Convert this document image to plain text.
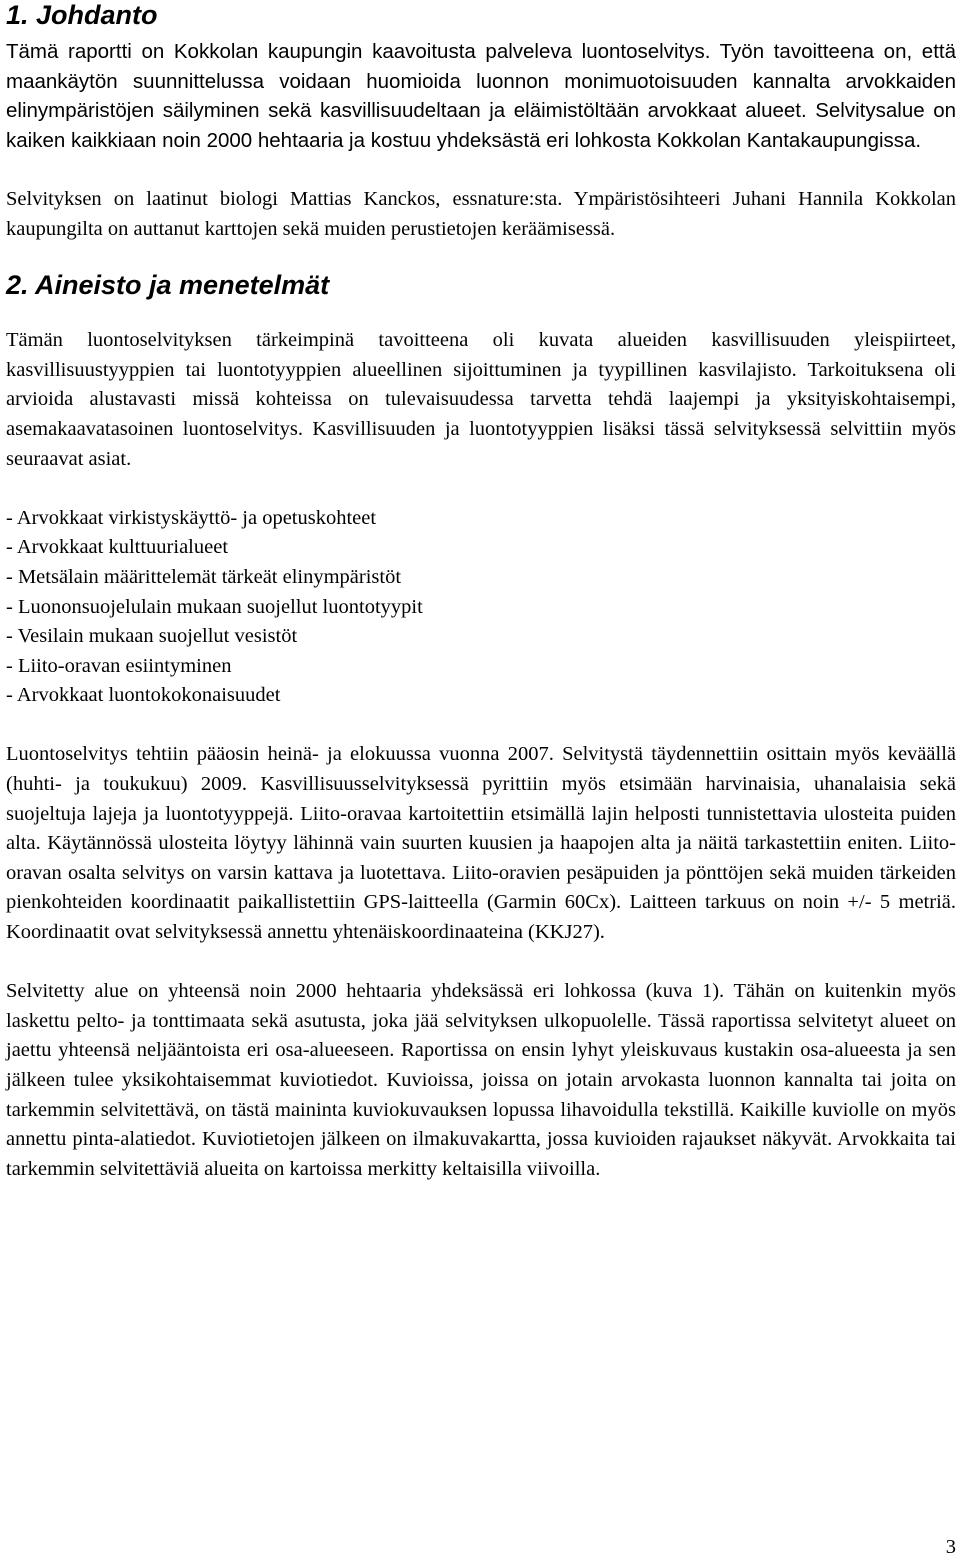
1. Johdanto

Tämä raportti on Kokkolan kaupungin kaavoitusta palveleva luontoselvitys. Työn tavoitteena on, että maankäytön suunnittelussa voidaan huomioida luonnon monimuotoisuuden kannalta arvokkaiden elinympäristöjen säilyminen sekä kasvillisuudeltaan ja eläimistöltään arvokkaat alueet. Selvitysalue on kaiken kaikkiaan noin 2000 hehtaaria ja kostuu yhdeksästä eri lohkosta Kokkolan Kantakaupungissa.

Selvityksen on laatinut biologi Mattias Kanckos, essnature:sta. Ympäristösihteeri Juhani Hannila Kokkolan kaupungilta on auttanut karttojen sekä muiden perustietojen keräämisessä.

2. Aineisto ja menetelmät

Tämän luontoselvityksen tärkeimpinä tavoitteena oli kuvata alueiden kasvillisuuden yleispiirteet, kasvillisuustyyppien tai luontotyyppien alueellinen sijoittuminen ja tyypillinen kasvilajisto. Tarkoituksena oli arvioida alustavasti missä kohteissa on tulevaisuudessa tarvetta tehdä laajempi ja yksityiskohtaisempi, asemakaavatasoinen luontoselvitys. Kasvillisuuden ja luontotyyppien lisäksi tässä selvityksessä selvittiin myös seuraavat asiat.

- Arvokkaat virkistyskäyttö- ja opetuskohteet
- Arvokkaat kulttuurialueet
- Metsälain määrittelemät tärkeät elinympäristöt
- Luononsuojelulain mukaan suojellut luontotyypit
- Vesilain mukaan suojellut vesistöt
- Liito-oravan esiintyminen
- Arvokkaat luontokokonaisuudet

Luontoselvitys tehtiin pääosin heinä- ja elokuussa vuonna 2007. Selvitystä täydennettiin osittain myös keväällä (huhti- ja toukukuu) 2009. Kasvillisuusselvityksessä pyrittiin myös etsimään harvinaisia, uhanalaisia sekä suojeltuja lajeja ja luontotyyppejä. Liito-oravaa kartoitettiin etsimällä lajin helposti tunnistettavia ulosteita puiden alta. Käytännössä ulosteita löytyy lähinnä vain suurten kuusien ja haapojen alta ja näitä tarkastettiin eniten. Liito-oravan osalta selvitys on varsin kattava ja luotettava. Liito-oravien pesäpuiden ja pönttöjen sekä muiden tärkeiden pienkohteiden koordinaatit paikallistettiin GPS-laitteella (Garmin 60Cx). Laitteen tarkuus on noin +/- 5 metriä. Koordinaatit ovat selvityksessä annettu yhtenäiskoordinaateina (KKJ27).

Selvitetty alue on yhteensä noin 2000 hehtaaria yhdeksässä eri lohkossa (kuva 1). Tähän on kuitenkin myös laskettu pelto- ja tonttimaata sekä asutusta, joka jää selvityksen ulkopuolelle. Tässä raportissa selvitetyt alueet on jaettu yhteensä neljääntoista eri osa-alueeseen. Raportissa on ensin lyhyt yleiskuvaus kustakin osa-alueesta ja sen jälkeen tulee yksikohtaisemmat kuviotiedot. Kuvioissa, joissa on jotain arvokasta luonnon kannalta tai joita on tarkemmin selvitettävä, on tästä maininta kuviokuvauksen lopussa lihavoidulla tekstillä. Kaikille kuviolle on myös annettu pinta-alatiedot. Kuviotietojen jälkeen on ilmakuvakartta, jossa kuvioiden rajaukset näkyvät. Arvokkaita tai tarkemmin selvitettäviä alueita on kartoissa merkitty keltaisilla viivoilla.

3
